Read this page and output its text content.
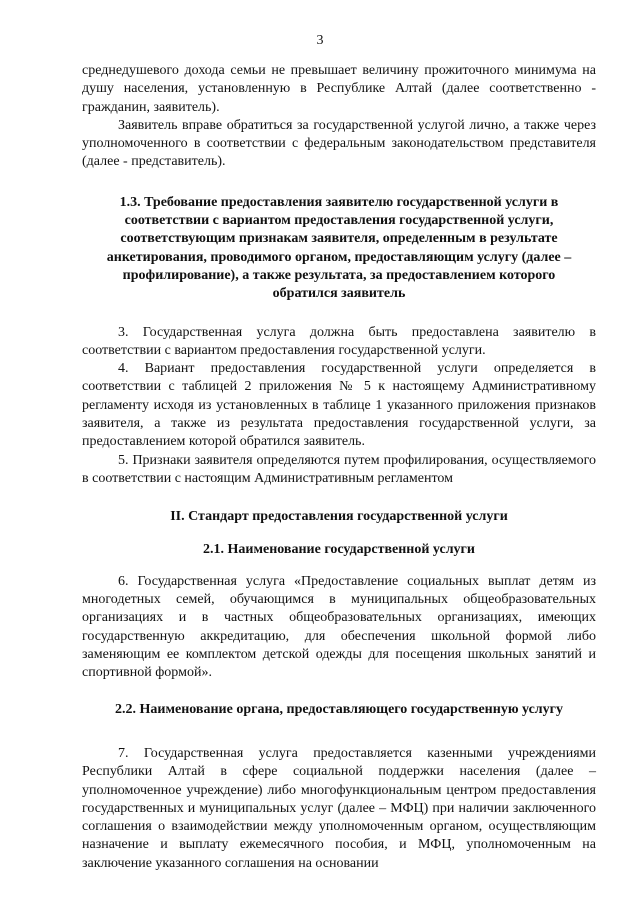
3

среднедушевого дохода семьи не превышает величину прожиточного минимума на душу населения, установленную в Республике Алтай (далее соответственно - гражданин, заявитель).

Заявитель вправе обратиться за государственной услугой лично, а также через уполномоченного в соответствии с федеральным законодательством представителя (далее - представитель).

1.3. Требование предоставления заявителю государственной услуги в соответствии с вариантом предоставления государственной услуги, соответствующим признакам заявителя, определенным в результате анкетирования, проводимого органом, предоставляющим услугу (далее –профилирование), а также результата, за предоставлением которого обратился заявитель

3. Государственная услуга должна быть предоставлена заявителю в соответствии с вариантом предоставления государственной услуги.

4. Вариант предоставления государственной услуги определяется в соответствии с таблицей 2 приложения № 5 к настоящему Административному регламенту исходя из установленных в таблице 1 указанного приложения признаков заявителя, а также из результата предоставления государственной услуги, за предоставлением которой обратился заявитель.

5. Признаки заявителя определяются путем профилирования, осуществляемого в соответствии с настоящим Административным регламентом

II. Стандарт предоставления государственной услуги

2.1. Наименование государственной услуги

6. Государственная услуга «Предоставление социальных выплат детям из многодетных семей, обучающимся в муниципальных общеобразовательных организациях и в частных общеобразовательных организациях, имеющих государственную аккредитацию, для обеспечения школьной формой либо заменяющим ее комплектом детской одежды для посещения школьных занятий и спортивной формой».

2.2. Наименование органа, предоставляющего государственную услугу

7. Государственная услуга предоставляется казенными учреждениями Республики Алтай в сфере социальной поддержки населения (далее – уполномоченное учреждение) либо многофункциональным центром предоставления государственных и муниципальных услуг (далее – МФЦ) при наличии заключенного соглашения о взаимодействии между уполномоченным органом, осуществляющим назначение и выплату ежемесячного пособия, и МФЦ, уполномоченным на заключение указанного соглашения на основании
